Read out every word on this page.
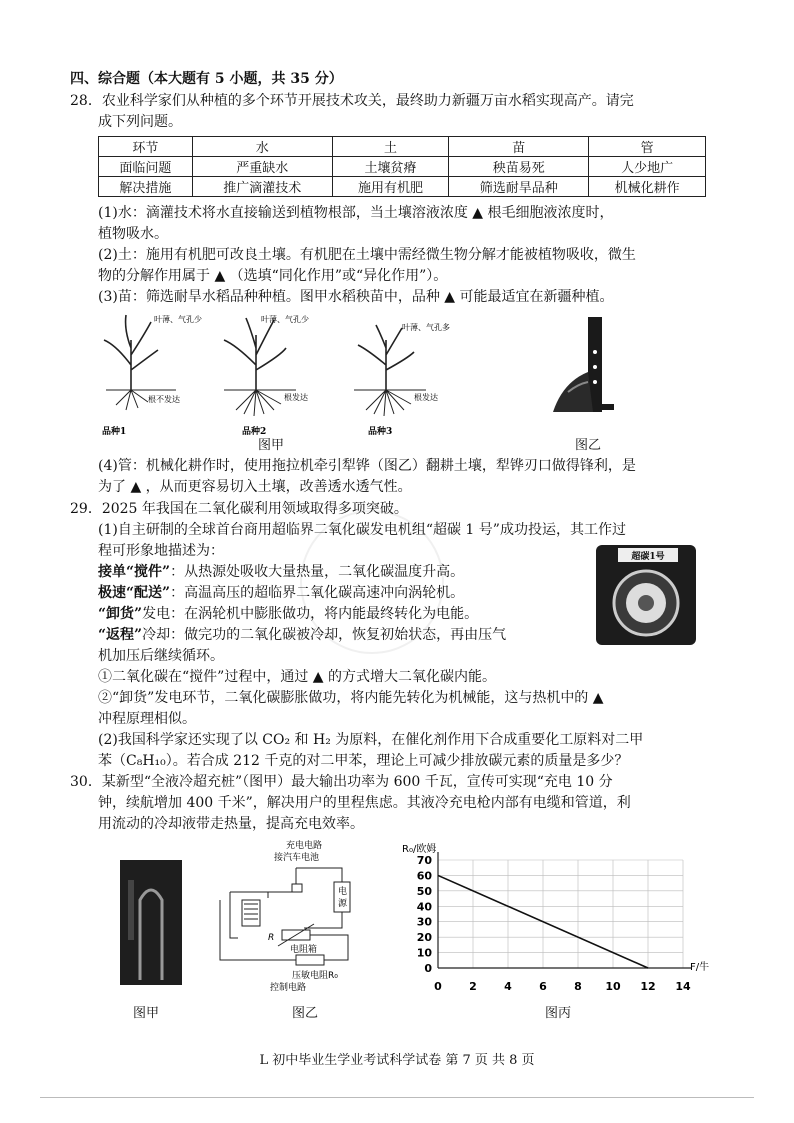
四、综合题（本大题有 5 小题，共 35 分）
28．农业科学家们从种植的多个环节开展技术攻关，最终助力新疆万亩水稻实现高产。请完
成下列问题。
环节	水	土	苗	管
面临问题	严重缺水	土壤贫瘠	秧苗易死	人少地广
解决措施	推广滴灌技术	施用有机肥	筛选耐旱品种	机械化耕作
(1)水：滴灌技术将水直接输送到植物根部，当土壤溶液浓度 ▲ 根毛细胞液浓度时，
植物吸水。
(2)土：施用有机肥可改良土壤。有机肥在土壤中需经微生物分解才能被植物吸收，微生
物的分解作用属于 ▲ （选填“同化作用”或“异化作用”）。
(3)苗：筛选耐旱水稻品种种植。图甲水稻秧苗中，品种 ▲ 可能最适宜在新疆种植。
叶薄、气孔少
根不发达
品种1
叶薄、气孔少
根发达
品种2
叶薄、气孔多
根发达
品种3
图甲	图乙
(4)管：机械化耕作时，使用拖拉机牵引犁铧（图乙）翻耕土壤，犁铧刃口做得锋利，是
为了 ▲ ，从而更容易切入土壤，改善透水透气性。
29．2025 年我国在二氧化碳利用领域取得多项突破。
(1)自主研制的全球首台商用超临界二氧化碳发电机组“超碳 1 号”成功投运，其工作过
程可形象地描述为：
接单“搅件”：从热源处吸收大量热量，二氧化碳温度升高。
极速“配送”：高温高压的超临界二氧化碳高速冲向涡轮机。
“卸货”发电：在涡轮机中膨胀做功，将内能最终转化为电能。
“返程”冷却：做完功的二氧化碳被冷却，恢复初始状态，再由压气
机加压后继续循环。
超碳1号
①二氧化碳在“搅件”过程中，通过 ▲ 的方式增大二氧化碳内能。
②“卸货”发电环节，二氧化碳膨胀做功，将内能先转化为机械能，这与热机中的 ▲
冲程原理相似。
(2)我国科学家还实现了以 CO₂ 和 H₂ 为原料，在催化剂作用下合成重要化工原料对二甲
苯（C₈H₁₀）。若合成 212 千克的对二甲苯，理论上可减少排放碳元素的质量是多少？
30．某新型“全液冷超充桩”（图甲）最大输出功率为 600 千瓦，宣传可实现“充电 10 分
钟，续航增加 400 千米”，解决用户的里程焦虑。其液冷充电枪内部有电缆和管道，利
用流动的冷却液带走热量，提高充电效率。
图甲
充电电路
接汽车电池
电
源
R
电阻箱
压敏电阻R₀
控制电路
图乙
0 2 4 6 8 10 12 14
0
10
20
30
40
50
60
70
R₀/欧姆
F/牛
图丙
L 初中毕业生学业考试科学试卷 第 7 页 共 8 页
